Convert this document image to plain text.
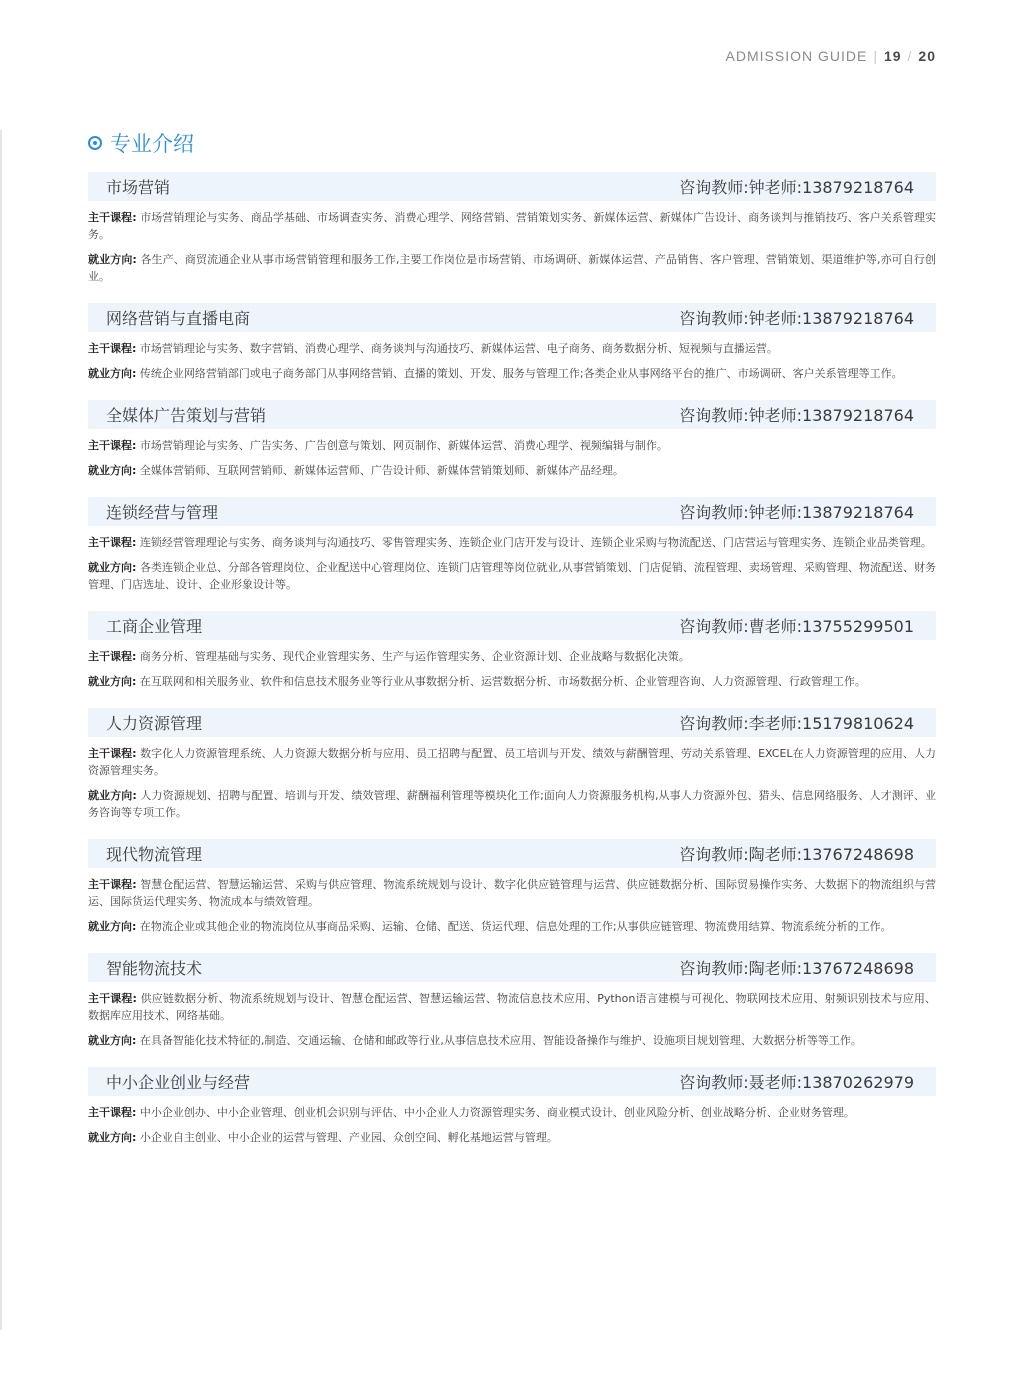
ADMISSION GUIDE | 19 / 20
专业介绍
市场营销	咨询教师:钟老师:13879218764
主干课程: 市场营销理论与实务、商品学基础、市场调查实务、消费心理学、网络营销、营销策划实务、新媒体运营、新媒体广告设计、商务谈判与推销技巧、客户关系管理实务。
就业方向: 各生产、商贸流通企业从事市场营销管理和服务工作,主要工作岗位是市场营销、市场调研、新媒体运营、产品销售、客户管理、营销策划、渠道维护等,亦可自行创业。
网络营销与直播电商	咨询教师:钟老师:13879218764
主干课程: 市场营销理论与实务、数字营销、消费心理学、商务谈判与沟通技巧、新媒体运营、电子商务、商务数据分析、短视频与直播运营。
就业方向: 传统企业网络营销部门或电子商务部门从事网络营销、直播的策划、开发、服务与管理工作;各类企业从事网络平台的推广、市场调研、客户关系管理等工作。
全媒体广告策划与营销	咨询教师:钟老师:13879218764
主干课程: 市场营销理论与实务、广告实务、广告创意与策划、网页制作、新媒体运营、消费心理学、视频编辑与制作。
就业方向: 全媒体营销师、互联网营销师、新媒体运营师、广告设计师、新媒体营销策划师、新媒体产品经理。
连锁经营与管理	咨询教师:钟老师:13879218764
主干课程: 连锁经营管理理论与实务、商务谈判与沟通技巧、零售管理实务、连锁企业门店开发与设计、连锁企业采购与物流配送、门店营运与管理实务、连锁企业品类管理。
就业方向: 各类连锁企业总、分部各管理岗位、企业配送中心管理岗位、连锁门店管理等岗位就业,从事营销策划、门店促销、流程管理、卖场管理、采购管理、物流配送、财务管理、门店选址、设计、企业形象设计等。
工商企业管理	咨询教师:曹老师:13755299501
主干课程: 商务分析、管理基础与实务、现代企业管理实务、生产与运作管理实务、企业资源计划、企业战略与数据化决策。
就业方向: 在互联网和相关服务业、软件和信息技术服务业等行业从事数据分析、运营数据分析、市场数据分析、企业管理咨询、人力资源管理、行政管理工作。
人力资源管理	咨询教师:李老师:15179810624
主干课程: 数字化人力资源管理系统、人力资源大数据分析与应用、员工招聘与配置、员工培训与开发、绩效与薪酬管理、劳动关系管理、EXCEL在人力资源管理的应用、人力资源管理实务。
就业方向: 人力资源规划、招聘与配置、培训与开发、绩效管理、薪酬福利管理等模块化工作;面向人力资源服务机构,从事人力资源外包、猎头、信息网络服务、人才测评、业务咨询等专项工作。
现代物流管理	咨询教师:陶老师:13767248698
主干课程: 智慧仓配运营、智慧运输运营、采购与供应管理、物流系统规划与设计、数字化供应链管理与运营、供应链数据分析、国际贸易操作实务、大数据下的物流组织与营运、国际货运代理实务、物流成本与绩效管理。
就业方向: 在物流企业或其他企业的物流岗位从事商品采购、运输、仓储、配送、货运代理、信息处理的工作;从事供应链管理、物流费用结算、物流系统分析的工作。
智能物流技术	咨询教师:陶老师:13767248698
主干课程: 供应链数据分析、物流系统规划与设计、智慧仓配运营、智慧运输运营、物流信息技术应用、Python语言建模与可视化、物联网技术应用、射频识别技术与应用、数据库应用技术、网络基础。
就业方向: 在具备智能化技术特征的,制造、交通运输、仓储和邮政等行业,从事信息技术应用、智能设备操作与维护、设施项目规划管理、大数据分析等等工作。
中小企业创业与经营	咨询教师:聂老师:13870262979
主干课程: 中小企业创办、中小企业管理、创业机会识别与评估、中小企业人力资源管理实务、商业模式设计、创业风险分析、创业战略分析、企业财务管理。
就业方向: 小企业自主创业、中小企业的运营与管理、产业园、众创空间、孵化基地运营与管理。
